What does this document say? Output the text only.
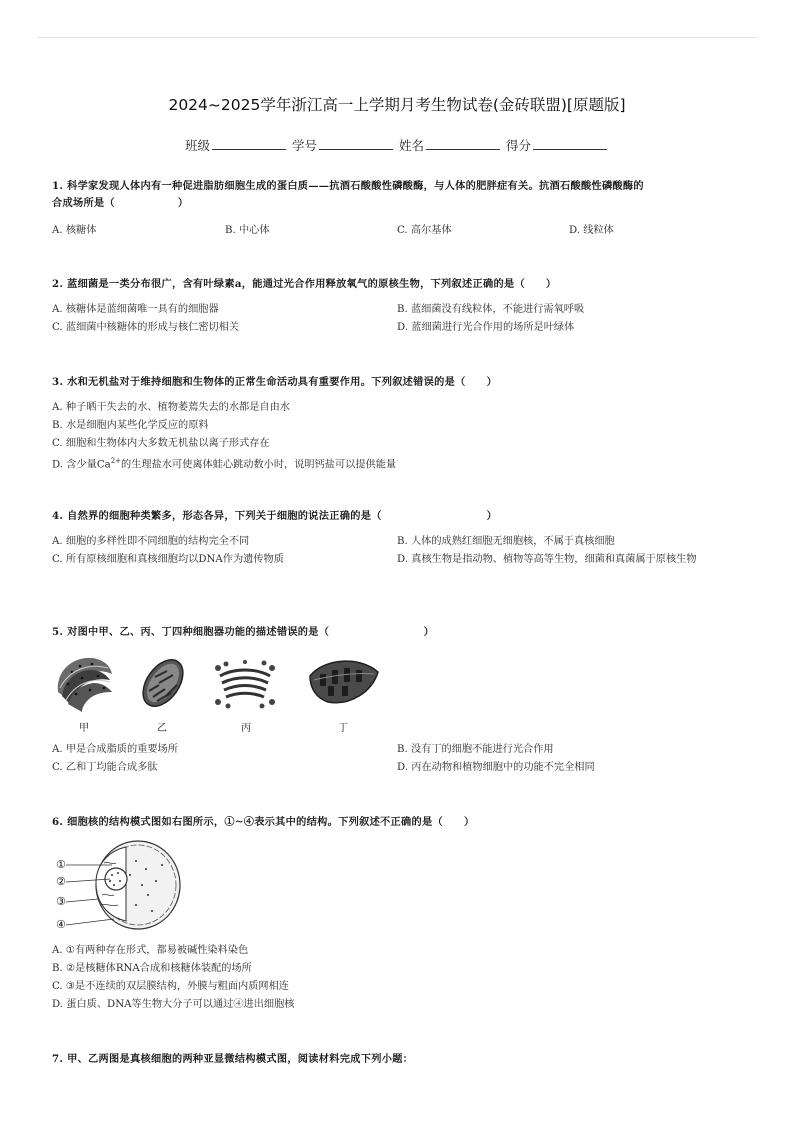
2024~2025学年浙江高一上学期月考生物试卷(金砖联盟)[原题版]
班级	学号	姓名	得分
1. 科学家发现人体内有一种促进脂肪细胞生成的蛋白质——抗酒石酸酸性磷酸酶，与人体的肥胖症有关。抗酒石酸酸性磷酸酶的
合成场所是（　　　　　　）
A. 核糖体	B. 中心体	C. 高尔基体	D. 线粒体
2. 蓝细菌是一类分布很广，含有叶绿素a，能通过光合作用释放氧气的原核生物，下列叙述正确的是（　　）
A. 核糖体是蓝细菌唯一具有的细胞器	B. 蓝细菌没有线粒体，不能进行需氧呼吸
C. 蓝细菌中核糖体的形成与核仁密切相关	D. 蓝细菌进行光合作用的场所是叶绿体
3. 水和无机盐对于维持细胞和生物体的正常生命活动具有重要作用。下列叙述错误的是（　　）
A. 种子晒干失去的水、植物萎蔫失去的水都是自由水
B. 水是细胞内某些化学反应的原料
C. 细胞和生物体内大多数无机盐以离子形式存在
D. 含少量$Ca^{2+}$的生理盐水可使离体蛙心跳动数小时，说明钙盐可以提供能量
4. 自然界的细胞种类繁多，形态各异，下列关于细胞的说法正确的是（　　　　　　　　　　）
A. 细胞的多样性即不同细胞的结构完全不同	B. 人体的成熟红细胞无细胞核，不属于真核细胞
C. 所有原核细胞和真核细胞均以DNA作为遗传物质	D. 真核生物是指动物、植物等高等生物，细菌和真菌属于原核生物
5. 对图中甲、乙、丙、丁四种细胞器功能的描述错误的是（　　　　　　　　　）
甲	乙	丙	丁
A. 甲是合成脂质的重要场所	B. 没有丁的细胞不能进行光合作用
C. 乙和丁均能合成多肽	D. 丙在动物和植物细胞中的功能不完全相同
6. 细胞核的结构模式图如右图所示，①~④表示其中的结构。下列叙述不正确的是（　　）
①
②
③
④
A. ①有两种存在形式，都易被碱性染料染色
B. ②是核糖体RNA合成和核糖体装配的场所
C. ③是不连续的双层膜结构，外膜与粗面内质网相连
D. 蛋白质、DNA等生物大分子可以通过④进出细胞核
7. 甲、乙两图是真核细胞的两种亚显微结构模式图，阅读材料完成下列小题：
